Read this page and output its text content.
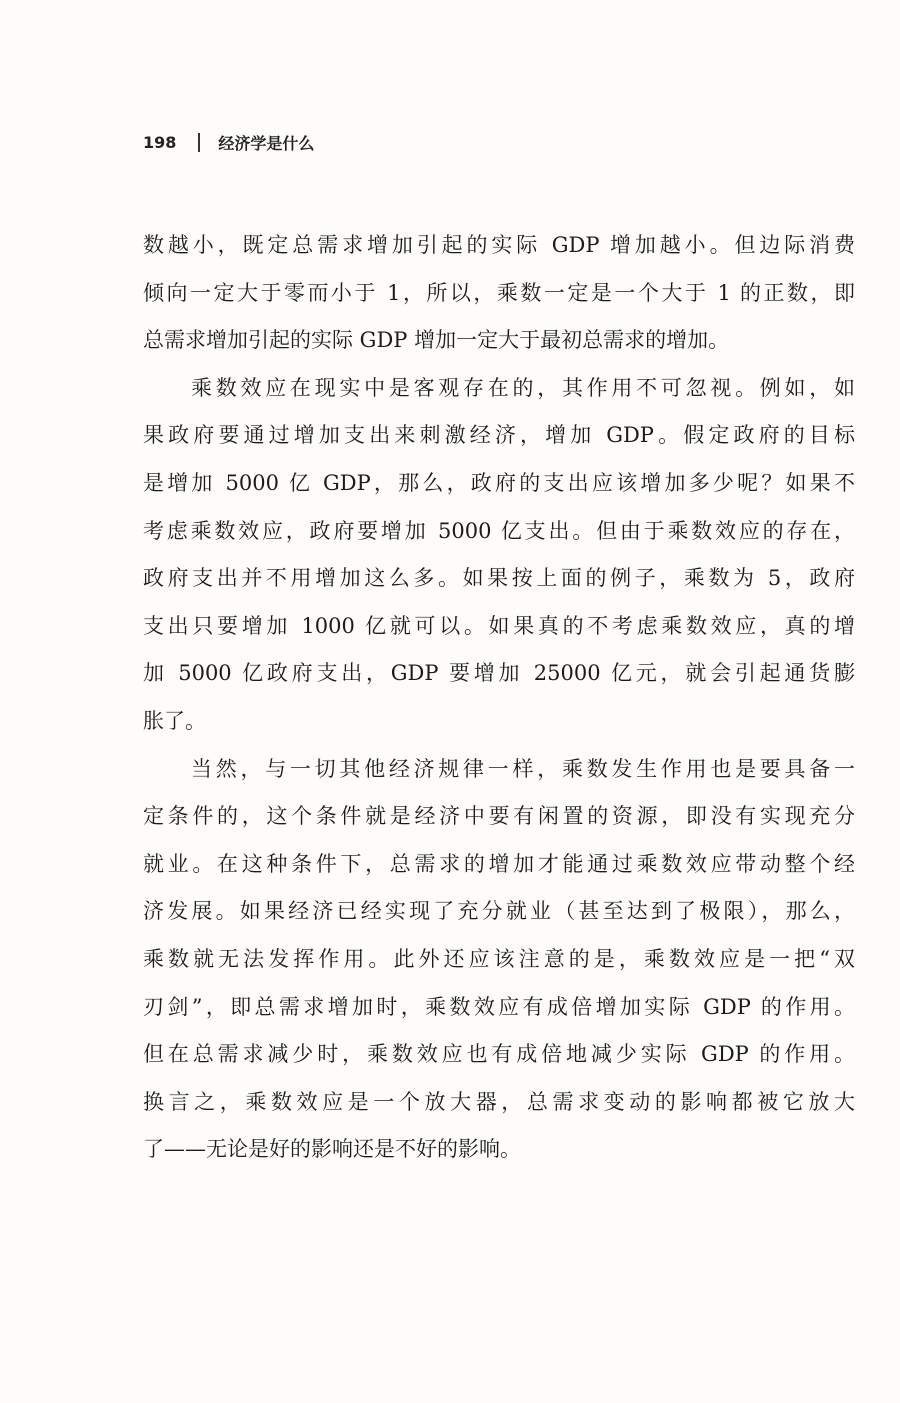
198	经济学是什么
数越小，既定总需求增加引起的实际 GDP 增加越小。但边际消费
倾向一定大于零而小于 1，所以，乘数一定是一个大于 1 的正数，即
总需求增加引起的实际 GDP 增加一定大于最初总需求的增加。
乘数效应在现实中是客观存在的，其作用不可忽视。例如，如
果政府要通过增加支出来刺激经济，增加 GDP。假定政府的目标
是增加 5000 亿 GDP，那么，政府的支出应该增加多少呢？如果不
考虑乘数效应，政府要增加 5000 亿支出。但由于乘数效应的存在，
政府支出并不用增加这么多。如果按上面的例子，乘数为 5，政府
支出只要增加 1000 亿就可以。如果真的不考虑乘数效应，真的增
加 5000 亿政府支出，GDP 要增加 25000 亿元，就会引起通货膨
胀了。
当然，与一切其他经济规律一样，乘数发生作用也是要具备一
定条件的，这个条件就是经济中要有闲置的资源，即没有实现充分
就业。在这种条件下，总需求的增加才能通过乘数效应带动整个经
济发展。如果经济已经实现了充分就业（甚至达到了极限），那么，
乘数就无法发挥作用。此外还应该注意的是，乘数效应是一把“双
刃剑”，即总需求增加时，乘数效应有成倍增加实际 GDP 的作用。
但在总需求减少时，乘数效应也有成倍地减少实际 GDP 的作用。
换言之，乘数效应是一个放大器，总需求变动的影响都被它放大
了——无论是好的影响还是不好的影响。
